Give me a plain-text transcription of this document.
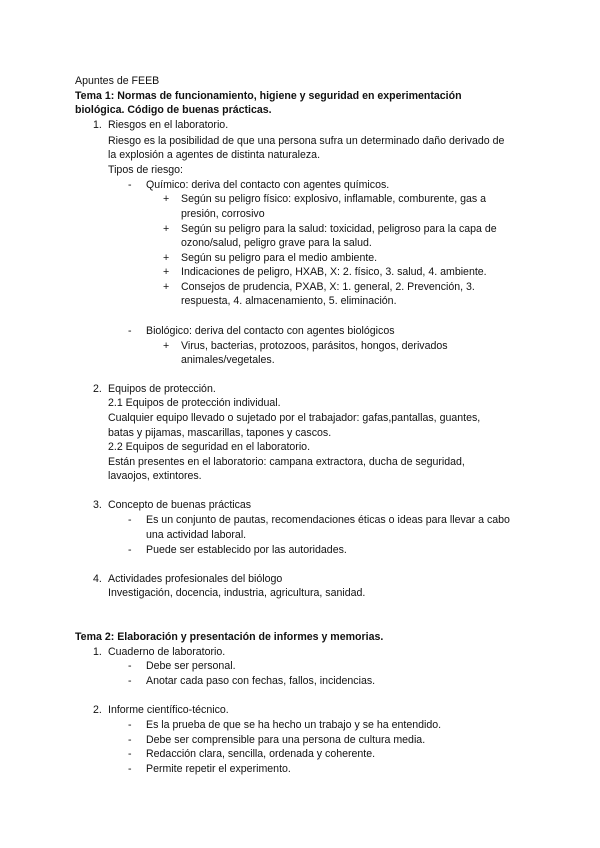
Apuntes de FEEB
Tema 1: Normas de funcionamiento, higiene y seguridad en experimentación
biológica. Código de buenas prácticas.
1. Riesgos en el laboratorio.
Riesgo es la posibilidad de que una persona sufra un determinado daño derivado de
la explosión a agentes de distinta naturaleza.
Tipos de riesgo:
- Químico: deriva del contacto con agentes químicos.
+ Según su peligro físico: explosivo, inflamable, comburente, gas a
presión, corrosivo
+ Según su peligro para la salud: toxicidad, peligroso para la capa de
ozono/salud, peligro grave para la salud.
+ Según su peligro para el medio ambiente.
+ Indicaciones de peligro, HXAB, X: 2. físico, 3. salud, 4. ambiente.
+ Consejos de prudencia, PXAB, X: 1. general, 2. Prevención, 3.
respuesta, 4. almacenamiento, 5. eliminación.
- Biológico: deriva del contacto con agentes biológicos
+ Virus, bacterias, protozoos, parásitos, hongos, derivados
animales/vegetales.
2. Equipos de protección.
2.1 Equipos de protección individual.
Cualquier equipo llevado o sujetado por el trabajador: gafas,pantallas, guantes,
batas y pijamas, mascarillas, tapones y cascos.
2.2 Equipos de seguridad en el laboratorio.
Están presentes en el laboratorio: campana extractora, ducha de seguridad,
lavaojos, extintores.
3. Concepto de buenas prácticas
- Es un conjunto de pautas, recomendaciones éticas o ideas para llevar a cabo
una actividad laboral.
- Puede ser establecido por las autoridades.
4. Actividades profesionales del biólogo
Investigación, docencia, industria, agricultura, sanidad.
Tema 2: Elaboración y presentación de informes y memorias.
1. Cuaderno de laboratorio.
- Debe ser personal.
- Anotar cada paso con fechas, fallos, incidencias.
2. Informe científico-técnico.
- Es la prueba de que se ha hecho un trabajo y se ha entendido.
- Debe ser comprensible para una persona de cultura media.
- Redacción clara, sencilla, ordenada y coherente.
- Permite repetir el experimento.
